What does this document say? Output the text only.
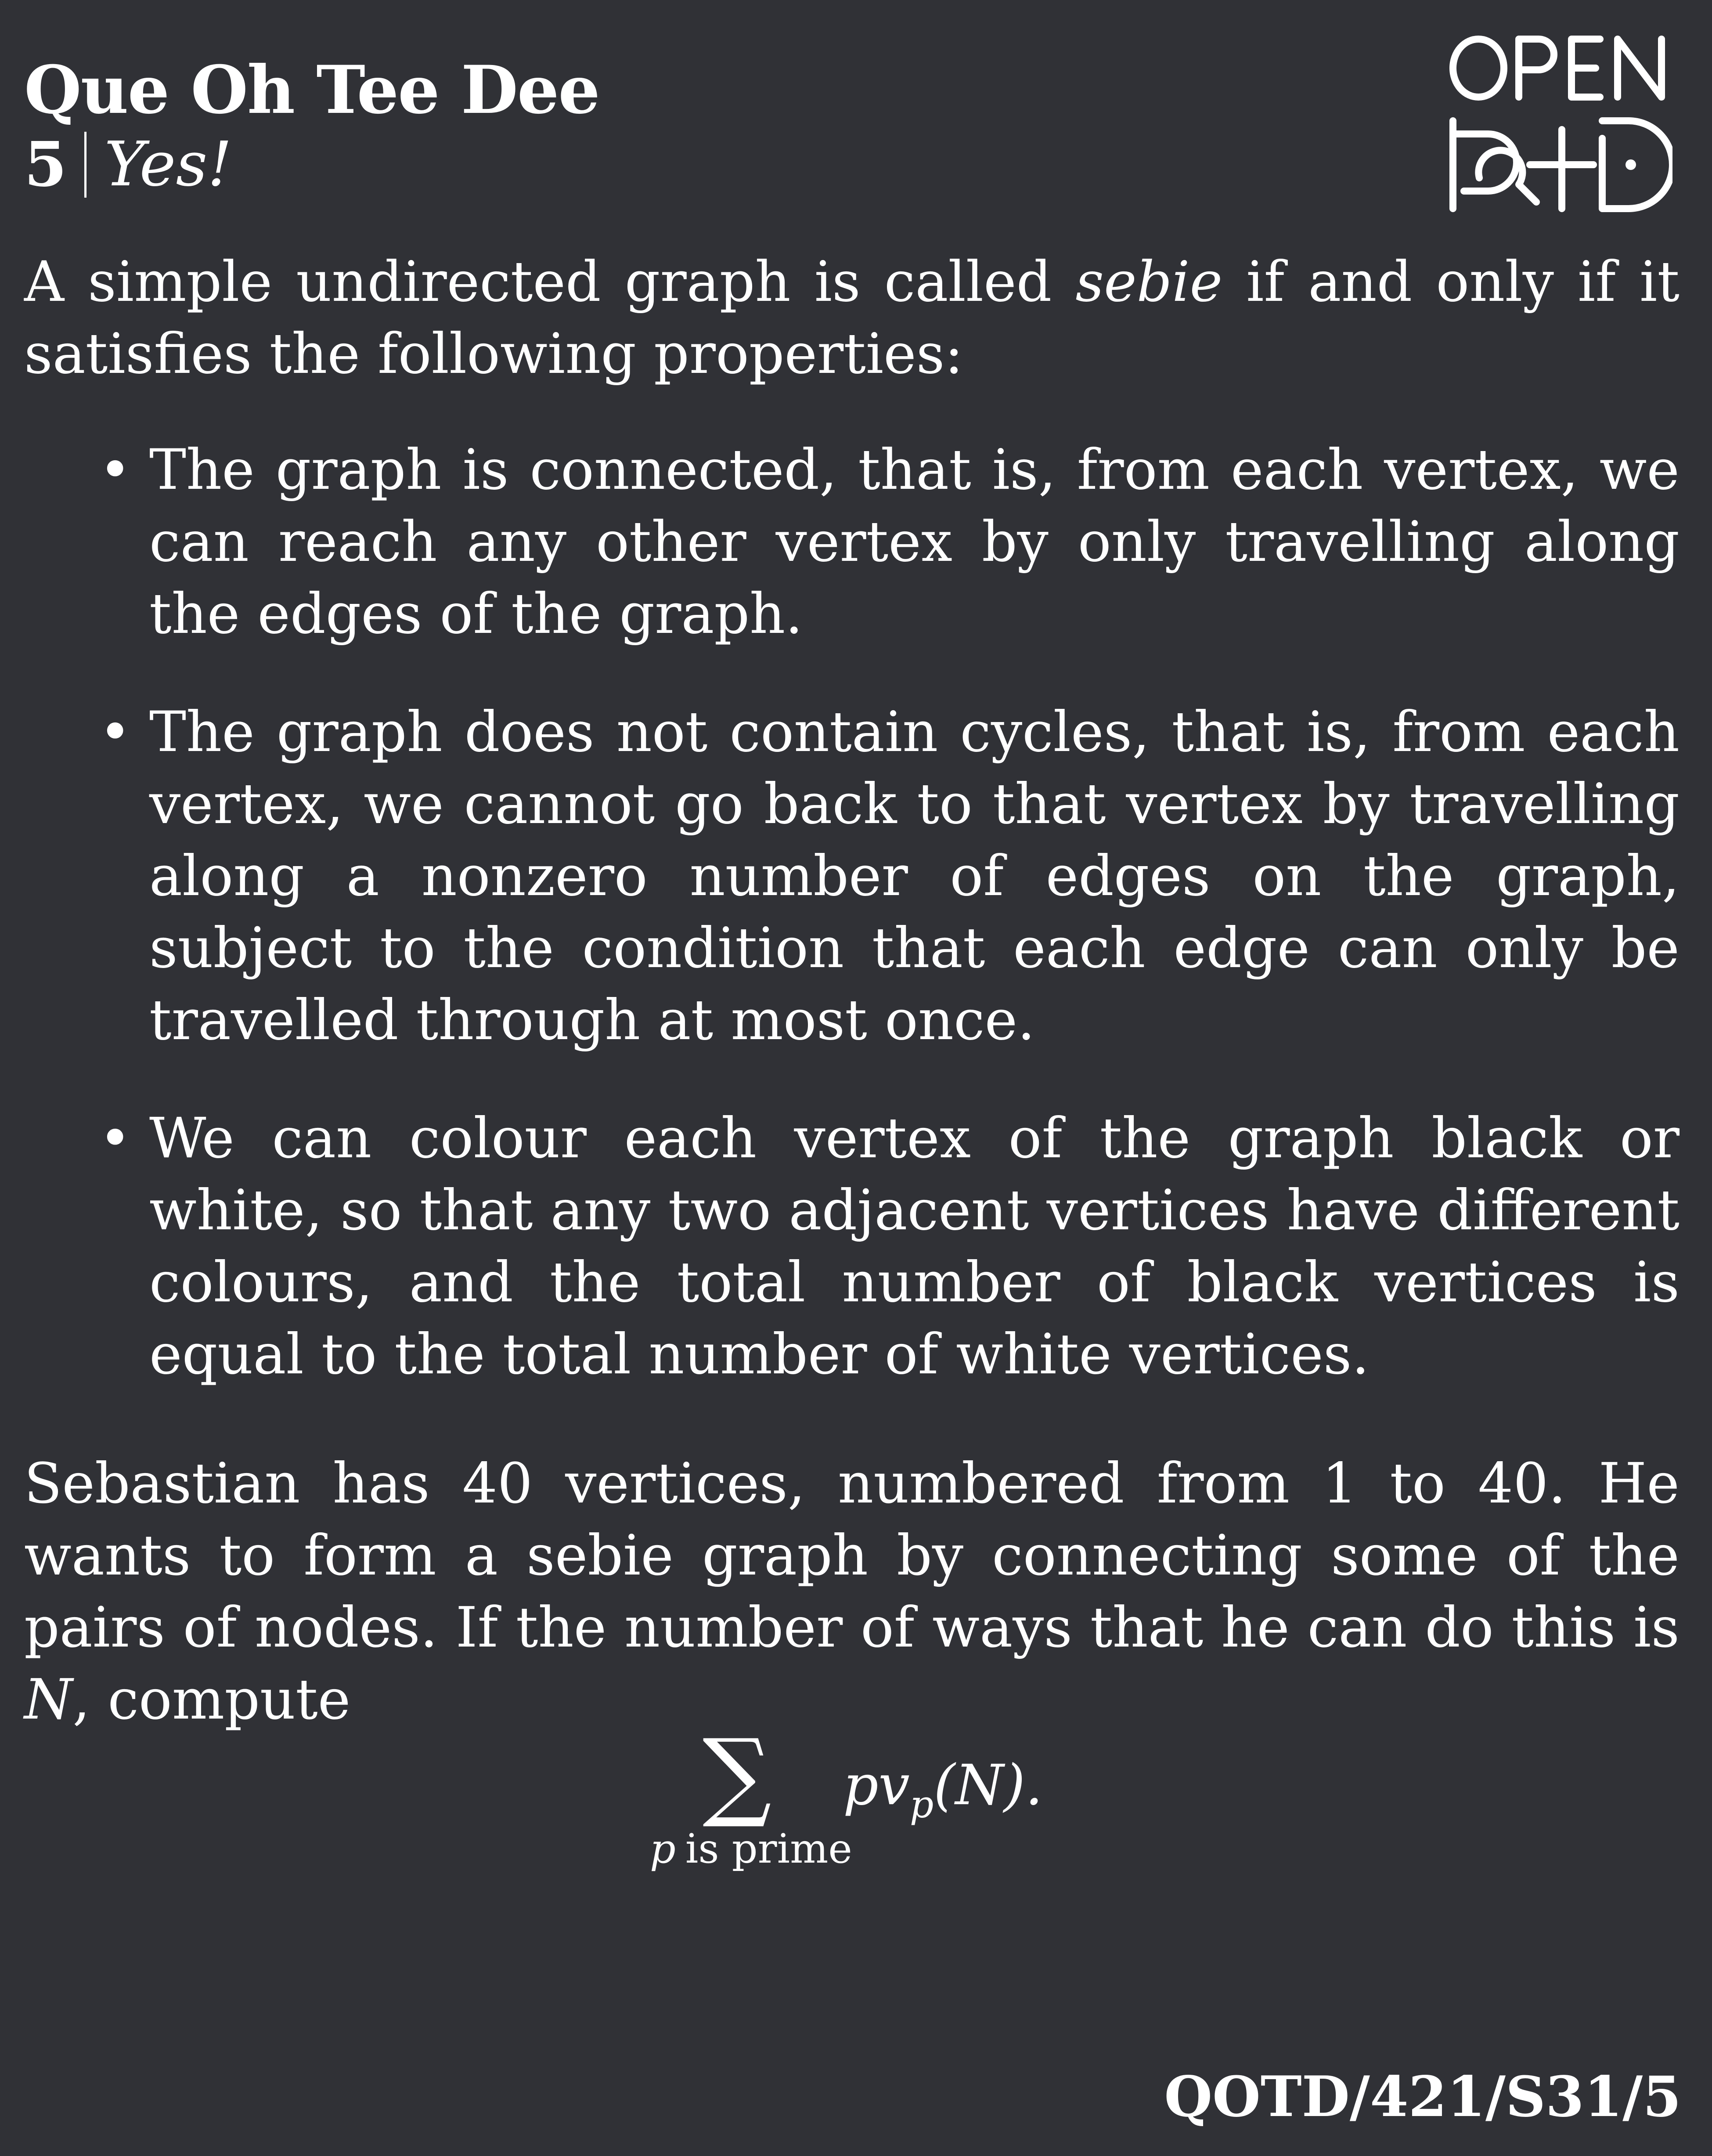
Que Oh Tee Dee
5 Yes!

A simple undirected graph is called sebie if and only if it satisfies the following properties:

• The graph is connected, that is, from each vertex, we can reach any other vertex by only travelling along the edges of the graph.
• The graph does not contain cycles, that is, from each vertex, we cannot go back to that vertex by travelling along a nonzero number of edges on the graph, subject to the condition that each edge can only be travelled through at most once.
• We can colour each vertex of the graph black or white, so that any two adjacent vertices have different colours, and the total number of black vertices is equal to the total number of white vertices.

Sebastian has 40 vertices, numbered from 1 to 40. He wants to form a sebie graph by connecting some of the pairs of nodes. If the number of ways that he can do this is N, compute

∑
p is prime
$pv_p(N)$.
QOTD/421/S31/5
